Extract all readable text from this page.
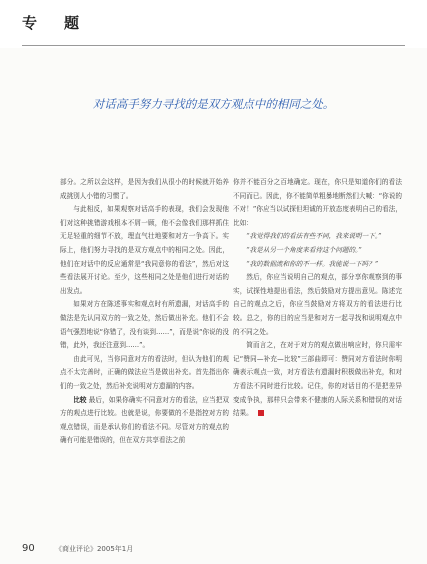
专　题
对话高手努力寻找的是双方观点中的相同之处。

部分。之所以会这样，是因为我们从很小的时候就开始养成挑别人小错的习惯了。

与此相反，如果观察对话高手的表现，我们会发现他们对这种挑错游戏根本不屑一顾，他不会像我们那样抓住无足轻重的细节不放，理直气壮地要和对方一争高下。实际上，他们努力寻找的是双方观点中的相同之处。因此，他们在对话中的反应通常是“我同意你的看法”，然后对这些看法展开讨论。至少，这些相同之处是他们进行对话的出发点。

如果对方在陈述事实和观点时有所遗漏，对话高手的做法是先认同双方的一致之处，然后做出补充。他们不会语气强烈地说“你错了，没有谈到……”，而是说“你说的没错，此外，我还注意到……”。

由此可见，当你同意对方的看法时，但认为他们的观点不太完善时，正确的做法应当是做出补充。首先指出你们的一致之处，然后补充说明对方遗漏的内容。

比较 最后，如果你确实不同意对方的看法，应当把双方的观点进行比较。也就是说，你要做的不是指控对方的观点错误，而是承认你们的看法不同。尽管对方的观点的确有可能是错误的，但在双方共享看法之前

你并不能百分之百地确定。现在，你只是知道你们的看法不同而已。因此，你不能简单粗暴地断然们大喊：“你说的不对！”你应当以试探但坦诚的开放态度表明自己的看法，比如：

“我觉得我们的看法有些不同，我来说明一下。”

“我是从另一个角度来看待这个问题的。”

“我的数据流和你的不一样。我能说一下吗？”

然后，你应当说明自己的观点，部分享你观察到的事实，试探性地提出看法，然后鼓励对方提出意见。陈述完自己的观点之后，你应当鼓励对方将双方的看法进行比较。总之，你的目的应当是和对方一起寻找和说明观点中的不同之处。

简而言之，在对于对方的观点做出响应时，你只需牢记“赞同—补充—比较”三部曲即可：赞同对方看法时你明确表示观点一致，对方看法有遗漏时积极做出补充，和对方看法不同时进行比较。记住，你的对话目的不是把差异变成争执，那样只会带来不健康的人际关系和错误的对话结果。

90	《商业评论》2005年1月
